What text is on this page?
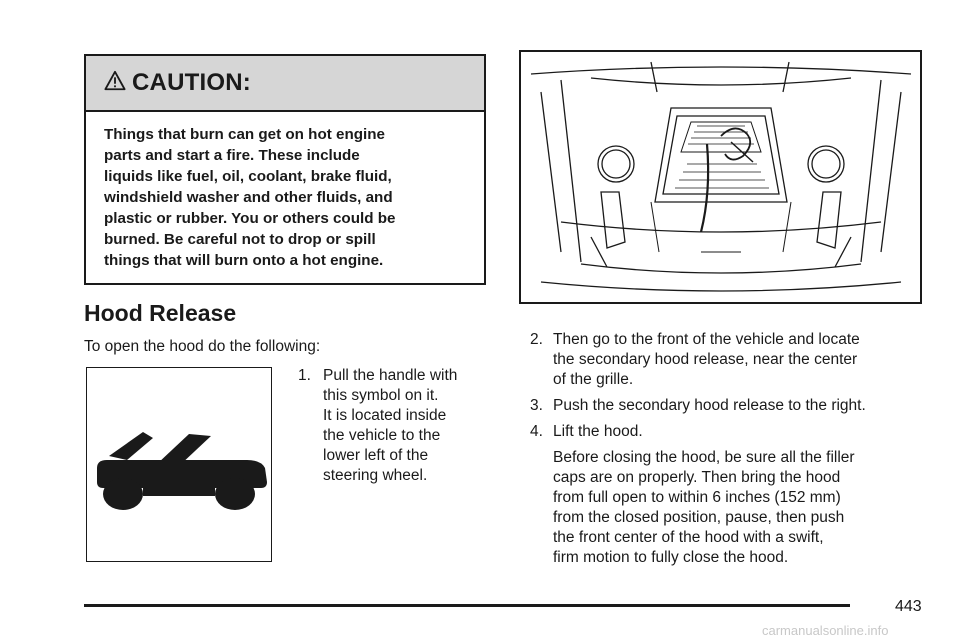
CAUTION:

Things that burn can get on hot engine

parts and start a fire. These include

liquids like fuel, oil, coolant, brake fluid,

windshield washer and other fluids, and

plastic or rubber. You or others could be

burned. Be careful not to drop or spill

things that will burn onto a hot engine.

Hood Release
To open the hood do the following:
1. Pull the handle with
this symbol on it.
It is located inside
the vehicle to the
lower left of the
steering wheel.
2. Then go to the front of the vehicle and locate
the secondary hood release, near the center
of the grille.
3. Push the secondary hood release to the right.
4. Lift the hood.
Before closing the hood, be sure all the filler
caps are on properly. Then bring the hood
from full open to within 6 inches (152 mm)
from the closed position, pause, then push
the front center of the hood with a swift,
firm motion to fully close the hood.
443
carmanualsonline.info
